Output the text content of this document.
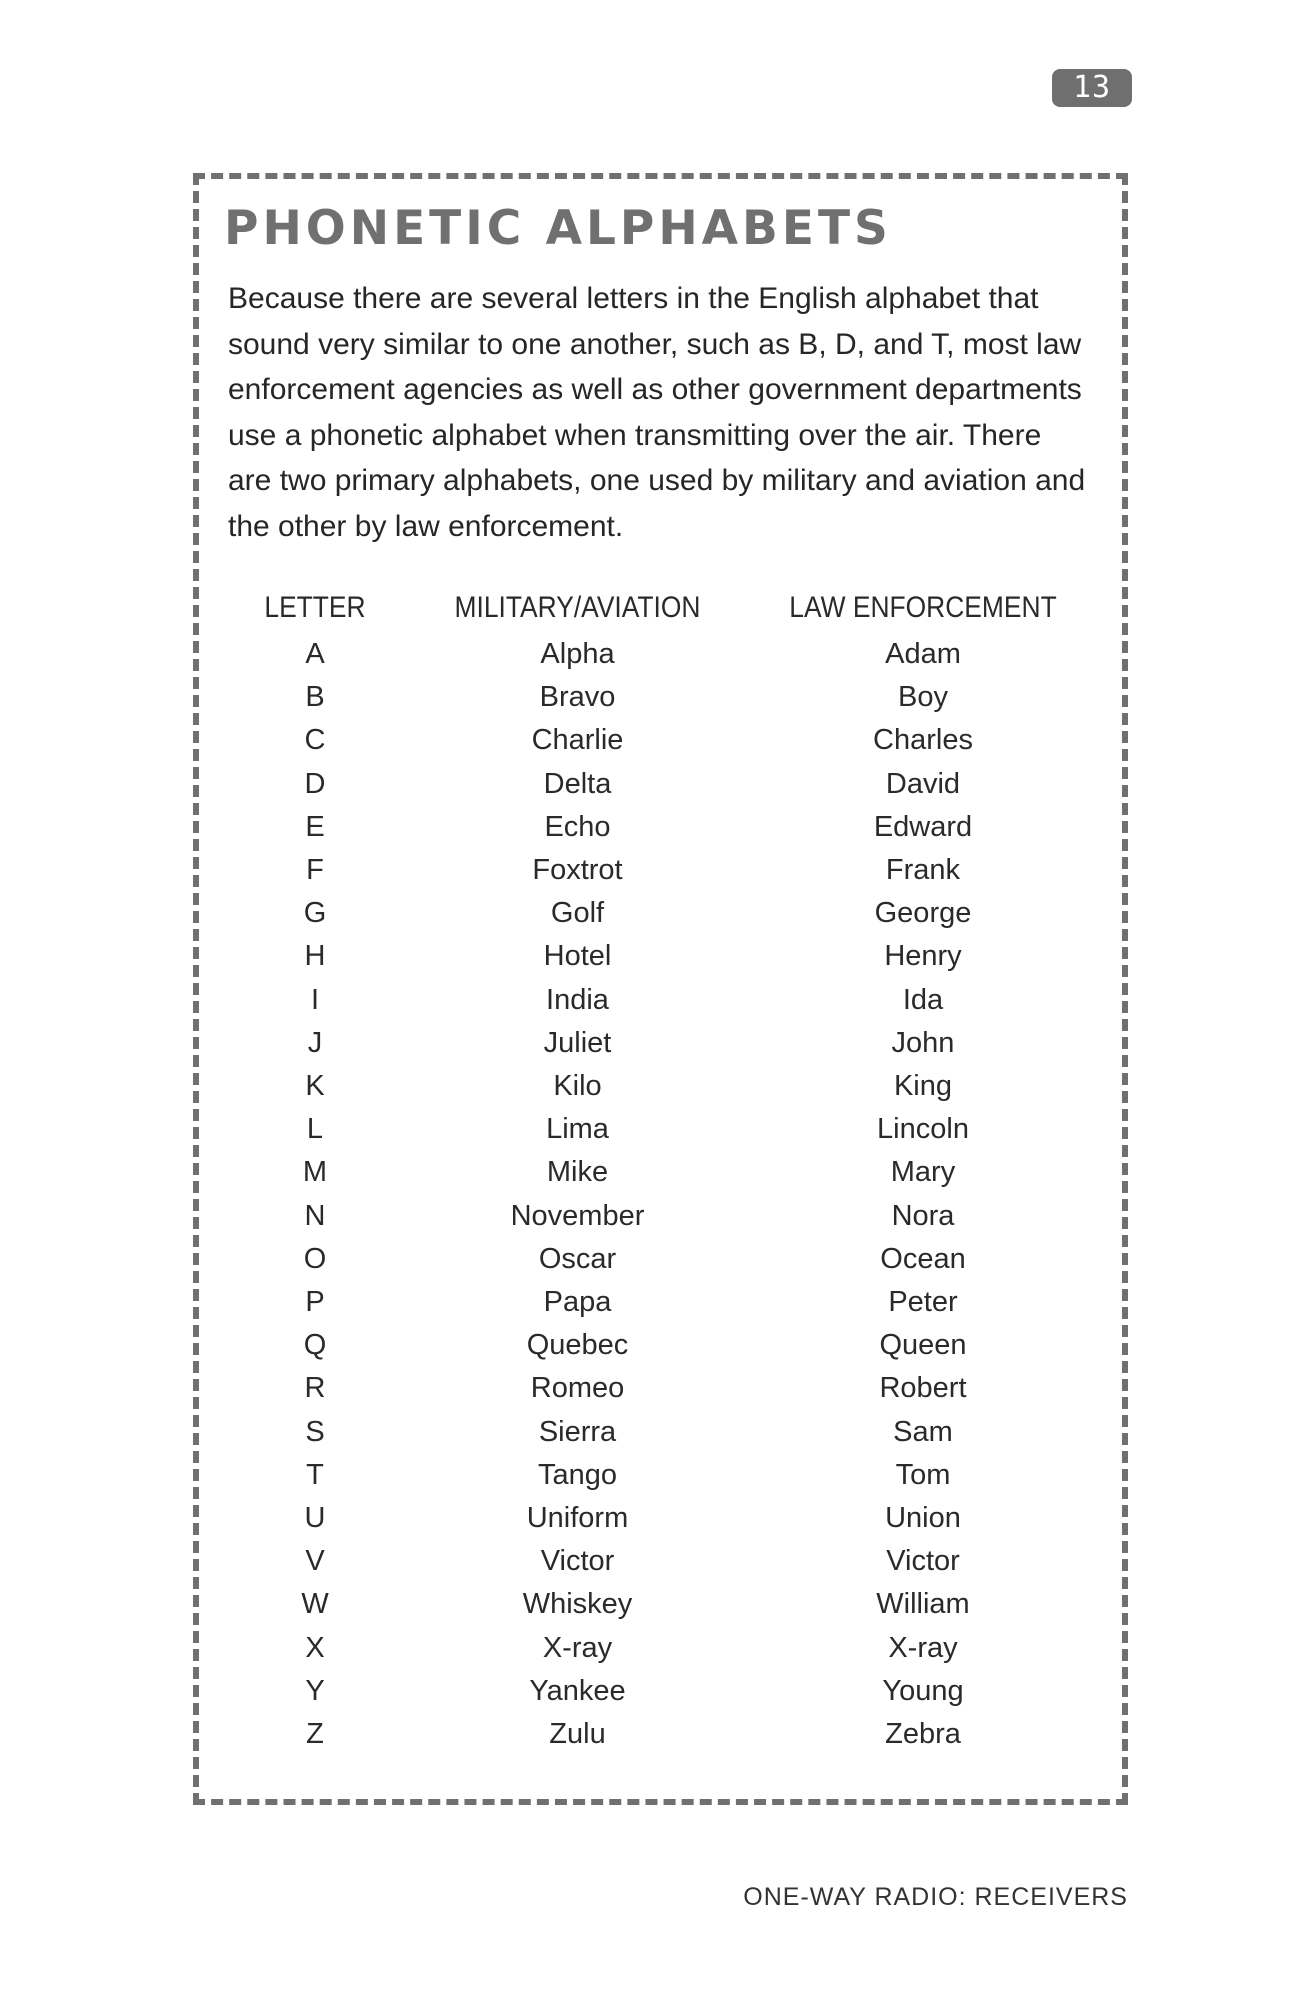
13
PHONETIC ALPHABETS

Because there are several letters in the English alphabet that sound very similar to one another, such as B, D, and T, most law enforcement agencies as well as other government departments use a phonetic alphabet when transmitting over the air. There are two primary alphabets, one used by military and aviation and the other by law enforcement.

LETTER	MILITARY/AVIATION	LAW ENFORCEMENT
A	Alpha	Adam
B	Bravo	Boy
C	Charlie	Charles
D	Delta	David
E	Echo	Edward
F	Foxtrot	Frank
G	Golf	George
H	Hotel	Henry
I	India	Ida
J	Juliet	John
K	Kilo	King
L	Lima	Lincoln
M	Mike	Mary
N	November	Nora
O	Oscar	Ocean
P	Papa	Peter
Q	Quebec	Queen
R	Romeo	Robert
S	Sierra	Sam
T	Tango	Tom
U	Uniform	Union
V	Victor	Victor
W	Whiskey	William
X	X-ray	X-ray
Y	Yankee	Young
Z	Zulu	Zebra
ONE-WAY RADIO: RECEIVERS
